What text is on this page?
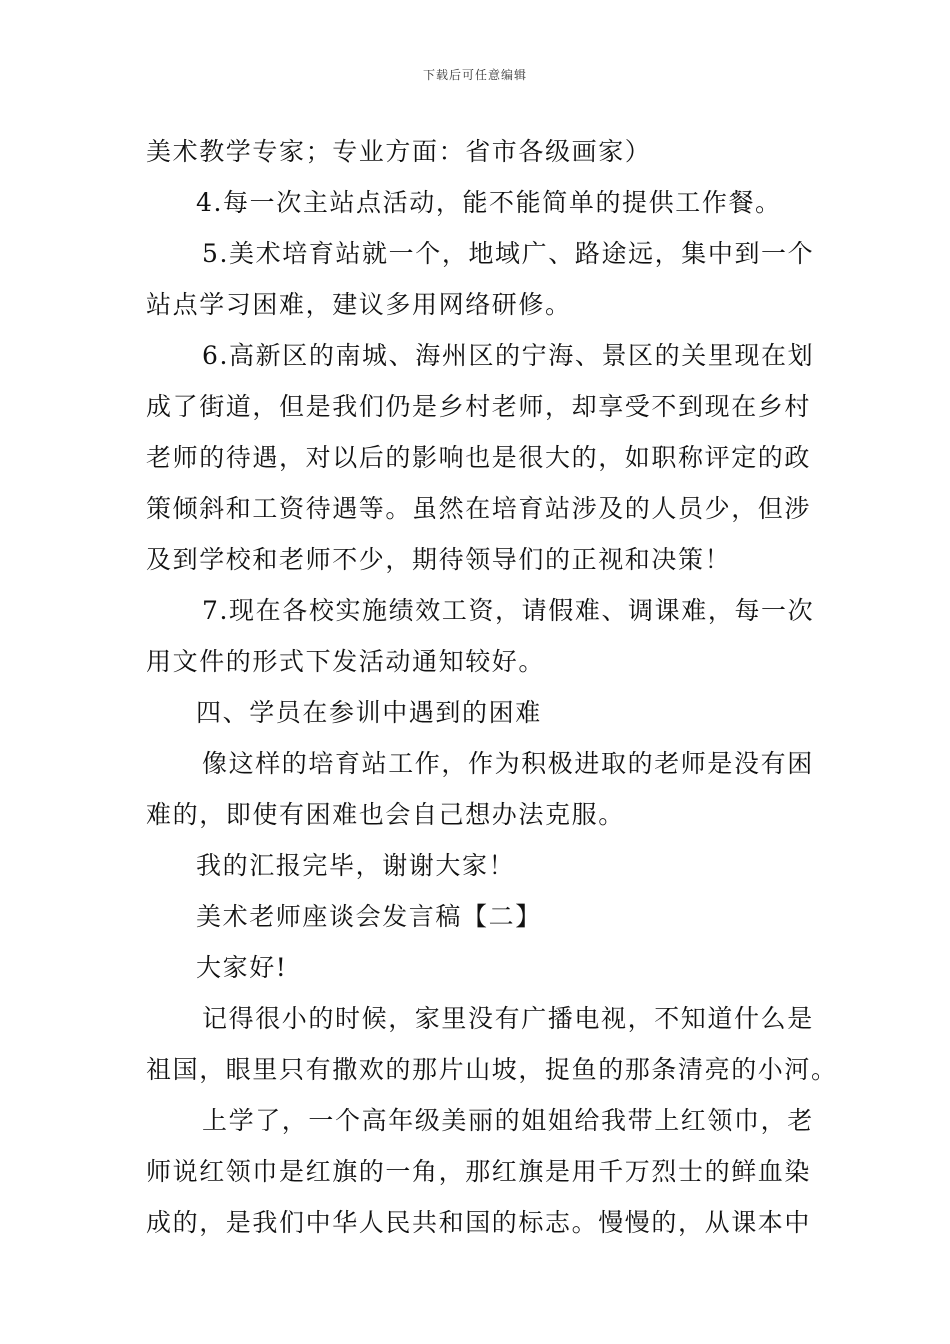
下载后可任意编辑

美术教学专家；专业方面：省市各级画家）

4.每一次主站点活动，能不能简单的提供工作餐。

5.美术培育站就一个，地域广、路途远，集中到一个
站点学习困难，建议多用网络研修。

6.高新区的南城、海州区的宁海、景区的关里现在划
成了街道，但是我们仍是乡村老师，却享受不到现在乡村
老师的待遇，对以后的影响也是很大的，如职称评定的政
策倾斜和工资待遇等。虽然在培育站涉及的人员少，但涉
及到学校和老师不少，期待领导们的正视和决策！

7.现在各校实施绩效工资，请假难、调课难，每一次
用文件的形式下发活动通知较好。

四、学员在参训中遇到的困难

像这样的培育站工作，作为积极进取的老师是没有困
难的，即使有困难也会自己想办法克服。

我的汇报完毕，谢谢大家！

美术老师座谈会发言稿【二】

大家好!

记得很小的时候，家里没有广播电视，不知道什么是
祖国，眼里只有撒欢的那片山坡，捉鱼的那条清亮的小河。

上学了，一个高年级美丽的姐姐给我带上红领巾，老
师说红领巾是红旗的一角，那红旗是用千万烈士的鲜血染
成的，是我们中华人民共和国的标志。慢慢的，从课本中
